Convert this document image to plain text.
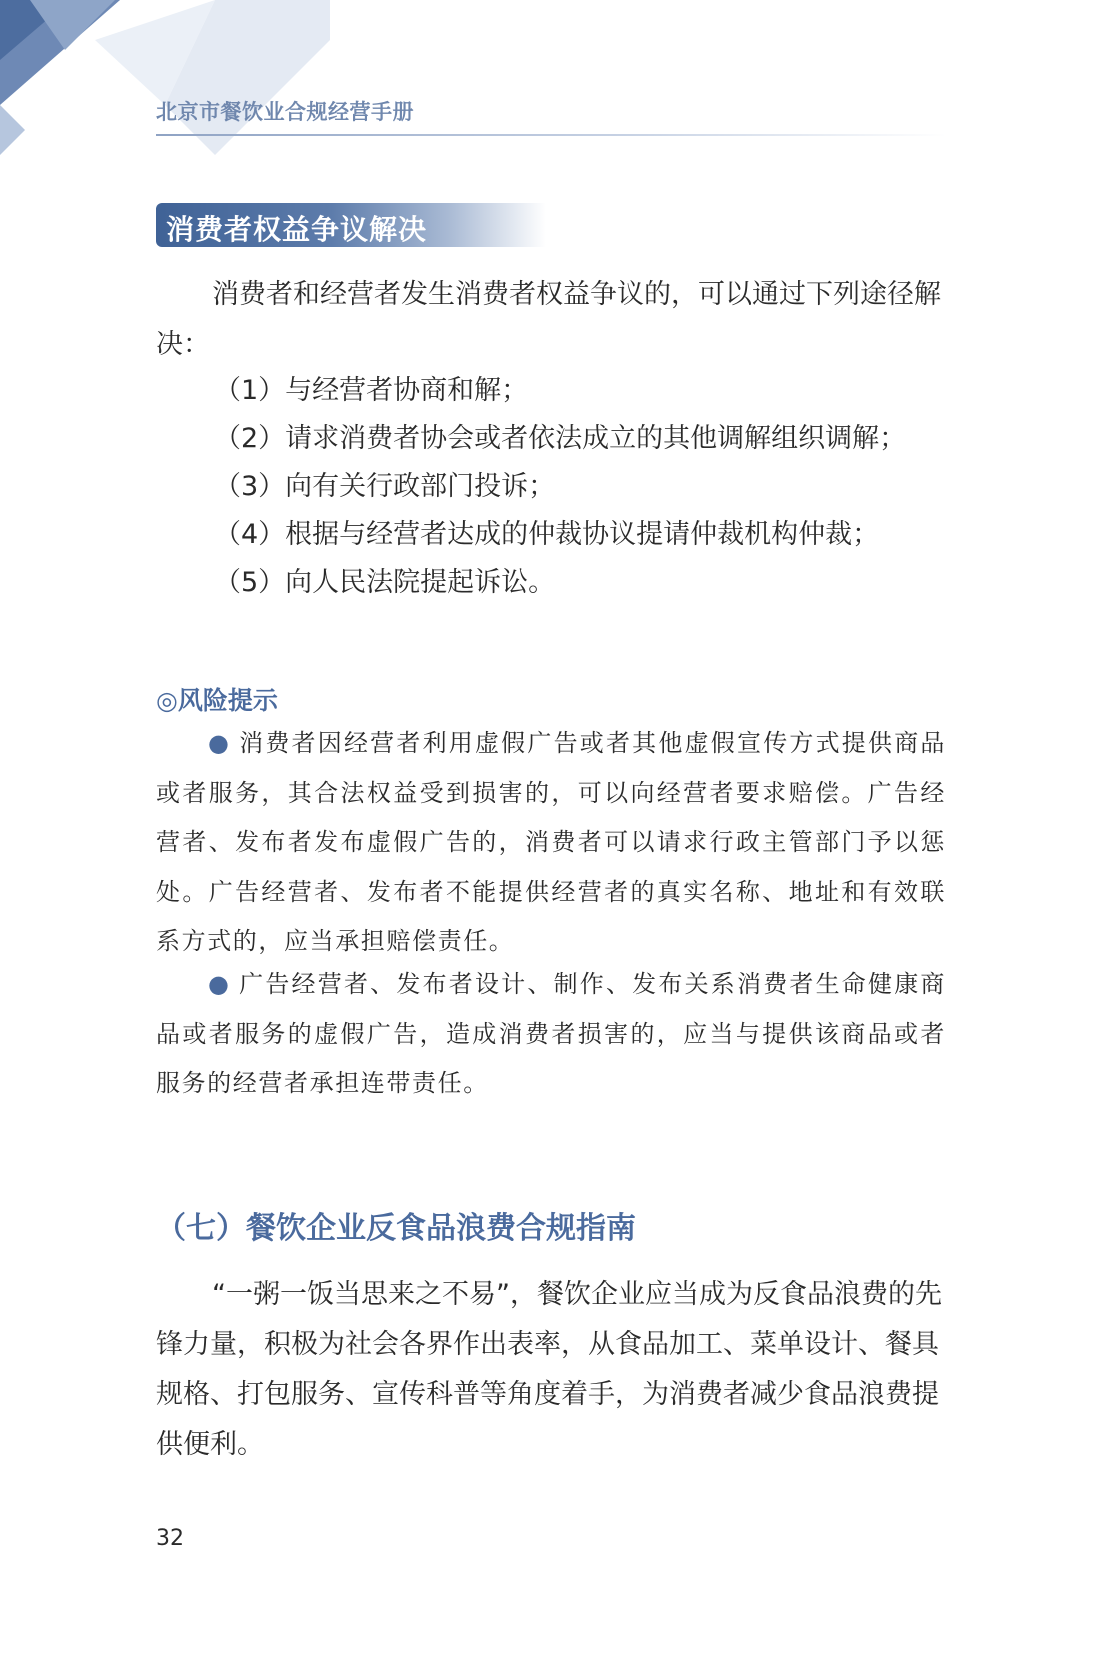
北京市餐饮业合规经营手册
消费者权益争议解决
消费者和经营者发生消费者权益争议的，可以通过下列途径解决：
（1）与经营者协商和解；
（2）请求消费者协会或者依法成立的其他调解组织调解；
（3）向有关行政部门投诉；
（4）根据与经营者达成的仲裁协议提请仲裁机构仲裁；
（5）向人民法院提起诉讼。
◎风险提示
● 消费者因经营者利用虚假广告或者其他虚假宣传方式提供商品或者服务，其合法权益受到损害的，可以向经营者要求赔偿。广告经营者、发布者发布虚假广告的，消费者可以请求行政主管部门予以惩处。广告经营者、发布者不能提供经营者的真实名称、地址和有效联系方式的，应当承担赔偿责任。
● 广告经营者、发布者设计、制作、发布关系消费者生命健康商品或者服务的虚假广告，造成消费者损害的，应当与提供该商品或者服务的经营者承担连带责任。
（七）餐饮企业反食品浪费合规指南
“一粥一饭当思来之不易”，餐饮企业应当成为反食品浪费的先锋力量，积极为社会各界作出表率，从食品加工、菜单设计、餐具规格、打包服务、宣传科普等角度着手，为消费者减少食品浪费提供便利。
32
